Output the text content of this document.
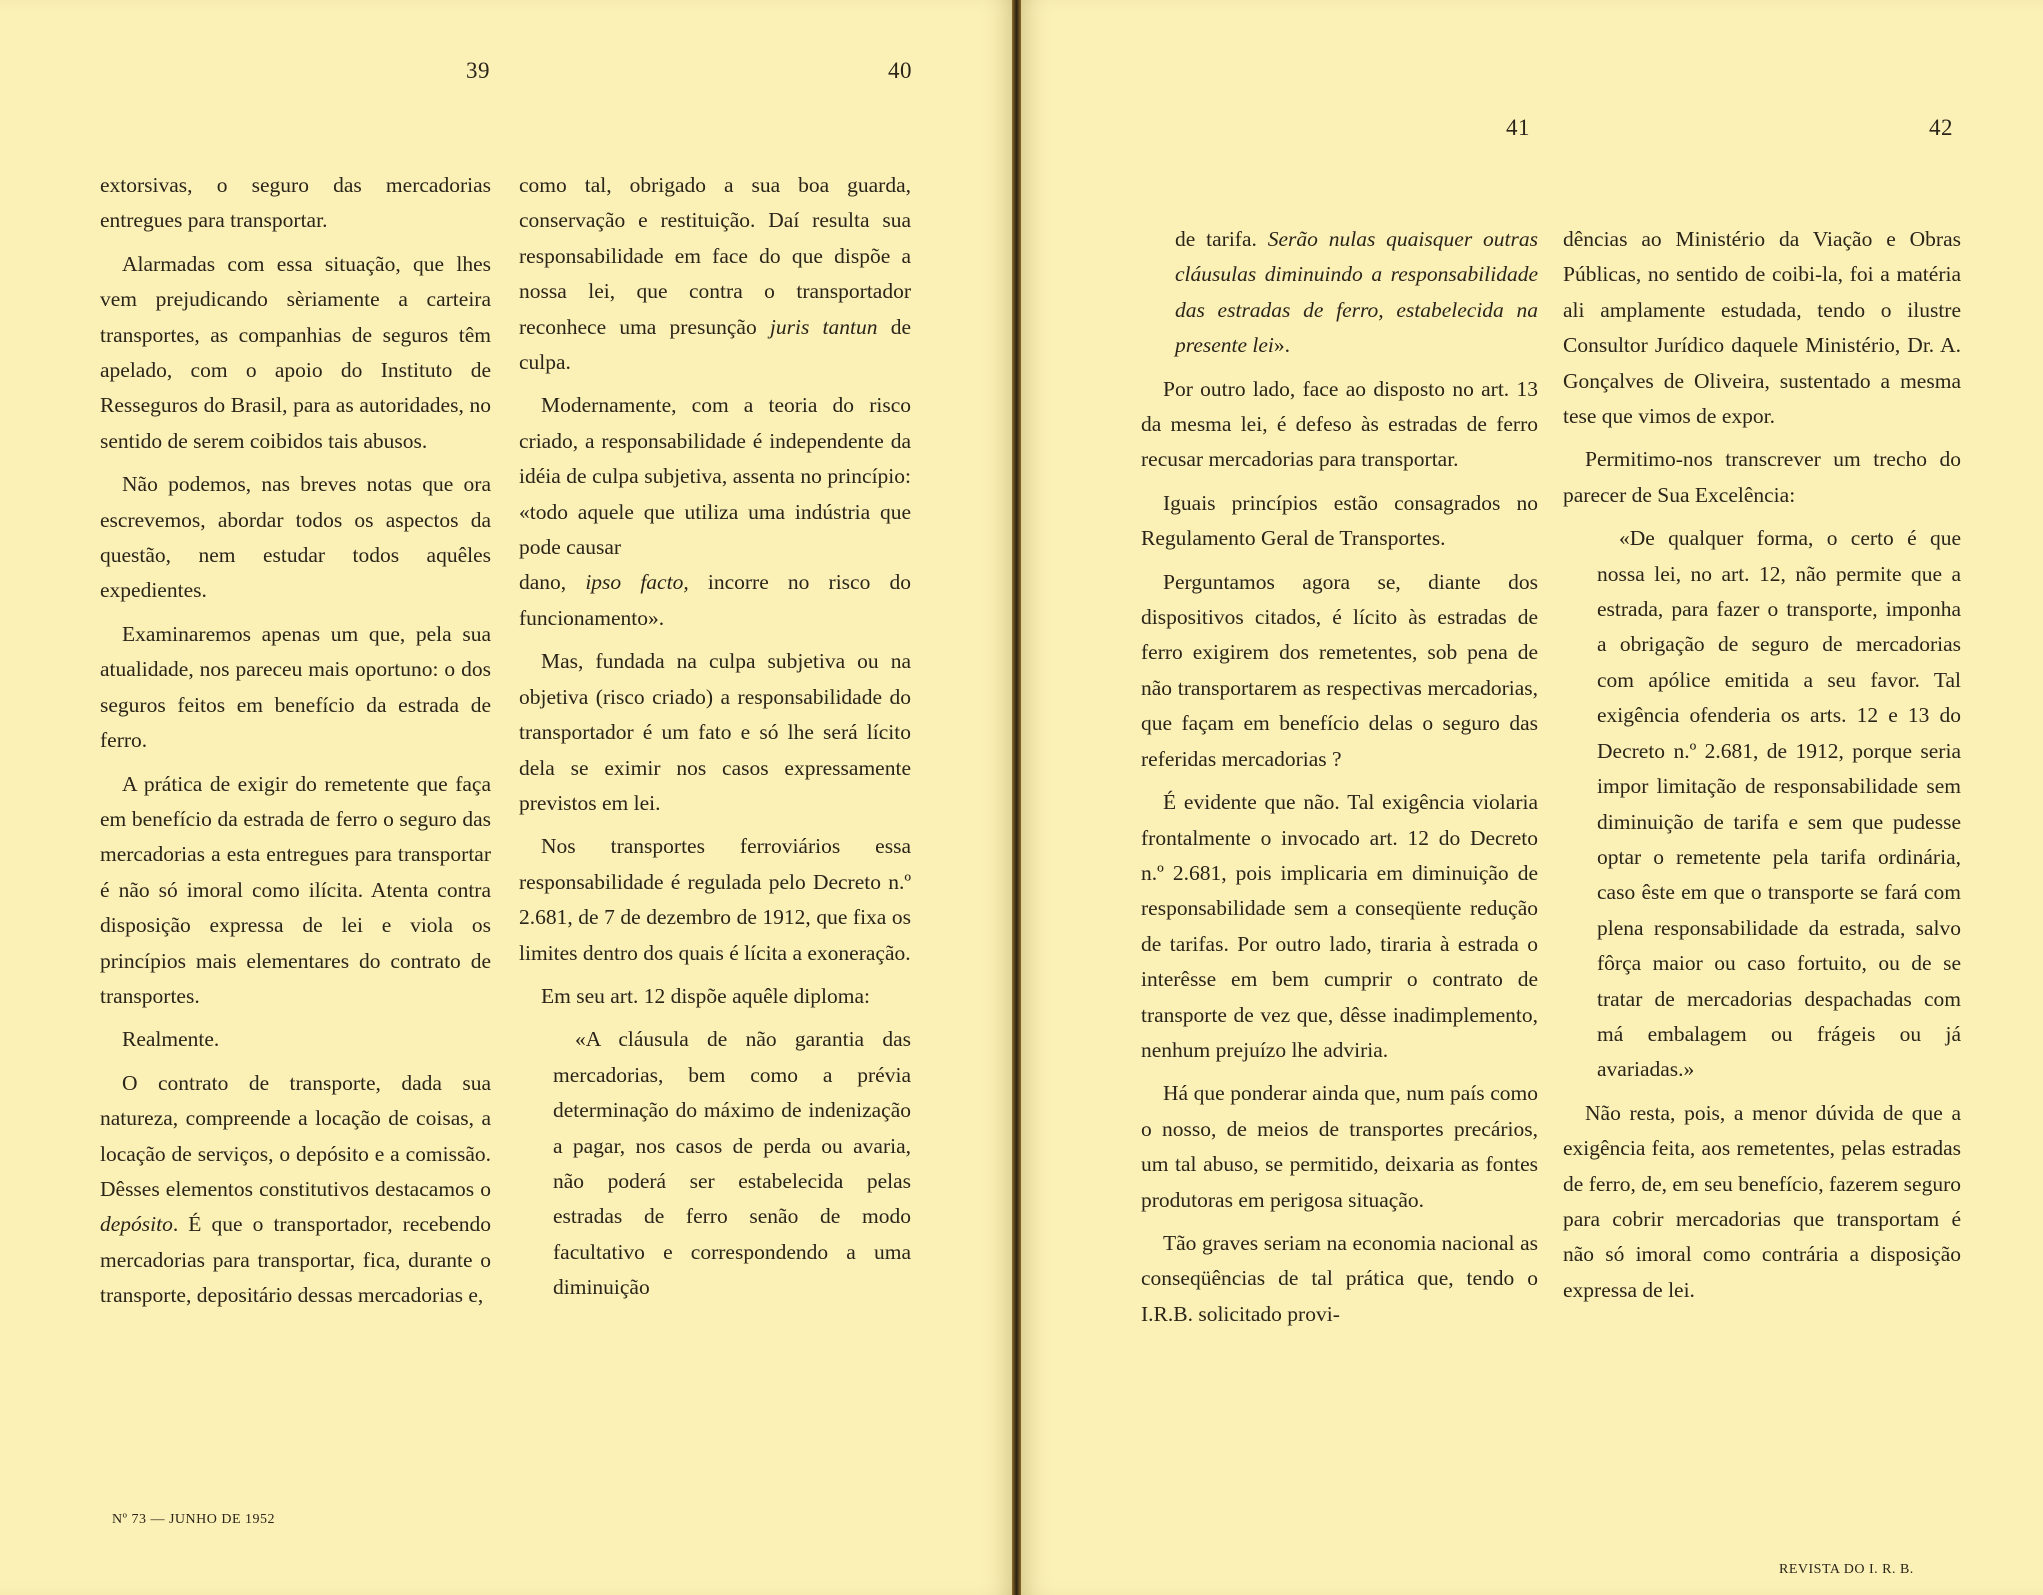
39	40

extorsivas, o seguro das mercadorias entregues para transportar.

Alarmadas com essa situação, que lhes vem prejudicando sèriamente a carteira transportes, as companhias de seguros têm apelado, com o apoio do Instituto de Resseguros do Brasil, para as autoridades, no sentido de serem coibidos tais abusos.

Não podemos, nas breves notas que ora escrevemos, abordar todos os aspectos da questão, nem estudar todos aquêles expedientes.

Examinaremos apenas um que, pela sua atualidade, nos pareceu mais oportuno: o dos seguros feitos em benefício da estrada de ferro.

A prática de exigir do remetente que faça em benefício da estrada de ferro o seguro das mercadorias a esta entregues para transportar é não só imoral como ilícita. Atenta contra disposição expressa de lei e viola os princípios mais elementares do contrato de transportes.

Realmente.

O contrato de transporte, dada sua natureza, compreende a locação de coisas, a locação de serviços, o depósito e a comissão. Dêsses elementos constitutivos destacamos o depósito. É que o transportador, recebendo mercadorias para transportar, fica, durante o transporte, depositário dessas mercadorias e,

como tal, obrigado a sua boa guarda, conservação e restituição. Daí resulta sua responsabilidade em face do que dispõe a nossa lei, que contra o transportador reconhece uma presunção juris tantun de culpa.

Modernamente, com a teoria do risco criado, a responsabilidade é independente da idéia de culpa subjetiva, assenta no princípio: «todo aquele que utiliza uma indústria que pode causar

dano, ipso facto, incorre no risco do funcionamento».

Mas, fundada na culpa subjetiva ou na objetiva (risco criado) a responsabilidade do transportador é um fato e só lhe será lícito dela se eximir nos casos expressamente previstos em lei.

Nos transportes ferroviários essa responsabilidade é regulada pelo Decreto n.º 2.681, de 7 de dezembro de 1912, que fixa os limites dentro dos quais é lícita a exoneração.

Em seu art. 12 dispõe aquêle diploma:

«A cláusula de não garantia das mercadorias, bem como a prévia determinação do máximo de indenização a pagar, nos casos de perda ou avaria, não poderá ser estabelecida pelas estradas de ferro senão de modo facultativo e correspondendo a uma diminuição

Nº 73 — JUNHO DE 1952
41	42

de tarifa. Serão nulas quaisquer outras cláusulas diminuindo a responsabilidade das estradas de ferro, estabelecida na presente lei».

Por outro lado, face ao disposto no art. 13 da mesma lei, é defeso às estradas de ferro recusar mercadorias para transportar.

Iguais princípios estão consagrados no Regulamento Geral de Transportes.

Perguntamos agora se, diante dos dispositivos citados, é lícito às estradas de ferro exigirem dos remetentes, sob pena de não transportarem as respectivas mercadorias, que façam em benefício delas o seguro das referidas mercadorias ?

É evidente que não. Tal exigência violaria frontalmente o invocado art. 12 do Decreto n.º 2.681, pois implicaria em diminuição de responsabilidade sem a conseqüente redução de tarifas. Por outro lado, tiraria à estrada o interêsse em bem cumprir o contrato de transporte de vez que, dêsse inadimplemento, nenhum prejuízo lhe adviria.

Há que ponderar ainda que, num país como o nosso, de meios de transportes precários, um tal abuso, se permitido, deixaria as fontes produtoras em perigosa situação.

Tão graves seriam na economia nacional as conseqüências de tal prática que, tendo o I.R.B. solicitado provi-

dências ao Ministério da Viação e Obras Públicas, no sentido de coibi-la, foi a matéria ali amplamente estudada, tendo o ilustre Consultor Jurídico daquele Ministério, Dr. A. Gonçalves de Oliveira, sustentado a mesma tese que vimos de expor.

Permitimo-nos transcrever um trecho do parecer de Sua Excelência:

«De qualquer forma, o certo é que nossa lei, no art. 12, não permite que a estrada, para fazer o transporte, imponha a obrigação de seguro de mercadorias com apólice emitida a seu favor. Tal exigência ofenderia os arts. 12 e 13 do Decreto n.º 2.681, de 1912, porque seria impor limitação de responsabilidade sem diminuição de tarifa e sem que pudesse optar o remetente pela tarifa ordinária, caso êste em que o transporte se fará com plena responsabilidade da estrada, salvo fôrça maior ou caso fortuito, ou de se tratar de mercadorias despachadas com má embalagem ou frágeis ou já avariadas.»

Não resta, pois, a menor dúvida de que a exigência feita, aos remetentes, pelas estradas de ferro, de, em seu benefício, fazerem seguro para cobrir mercadorias que transportam é não só imoral como contrária a disposição expressa de lei.

REVISTA DO I. R. B.
